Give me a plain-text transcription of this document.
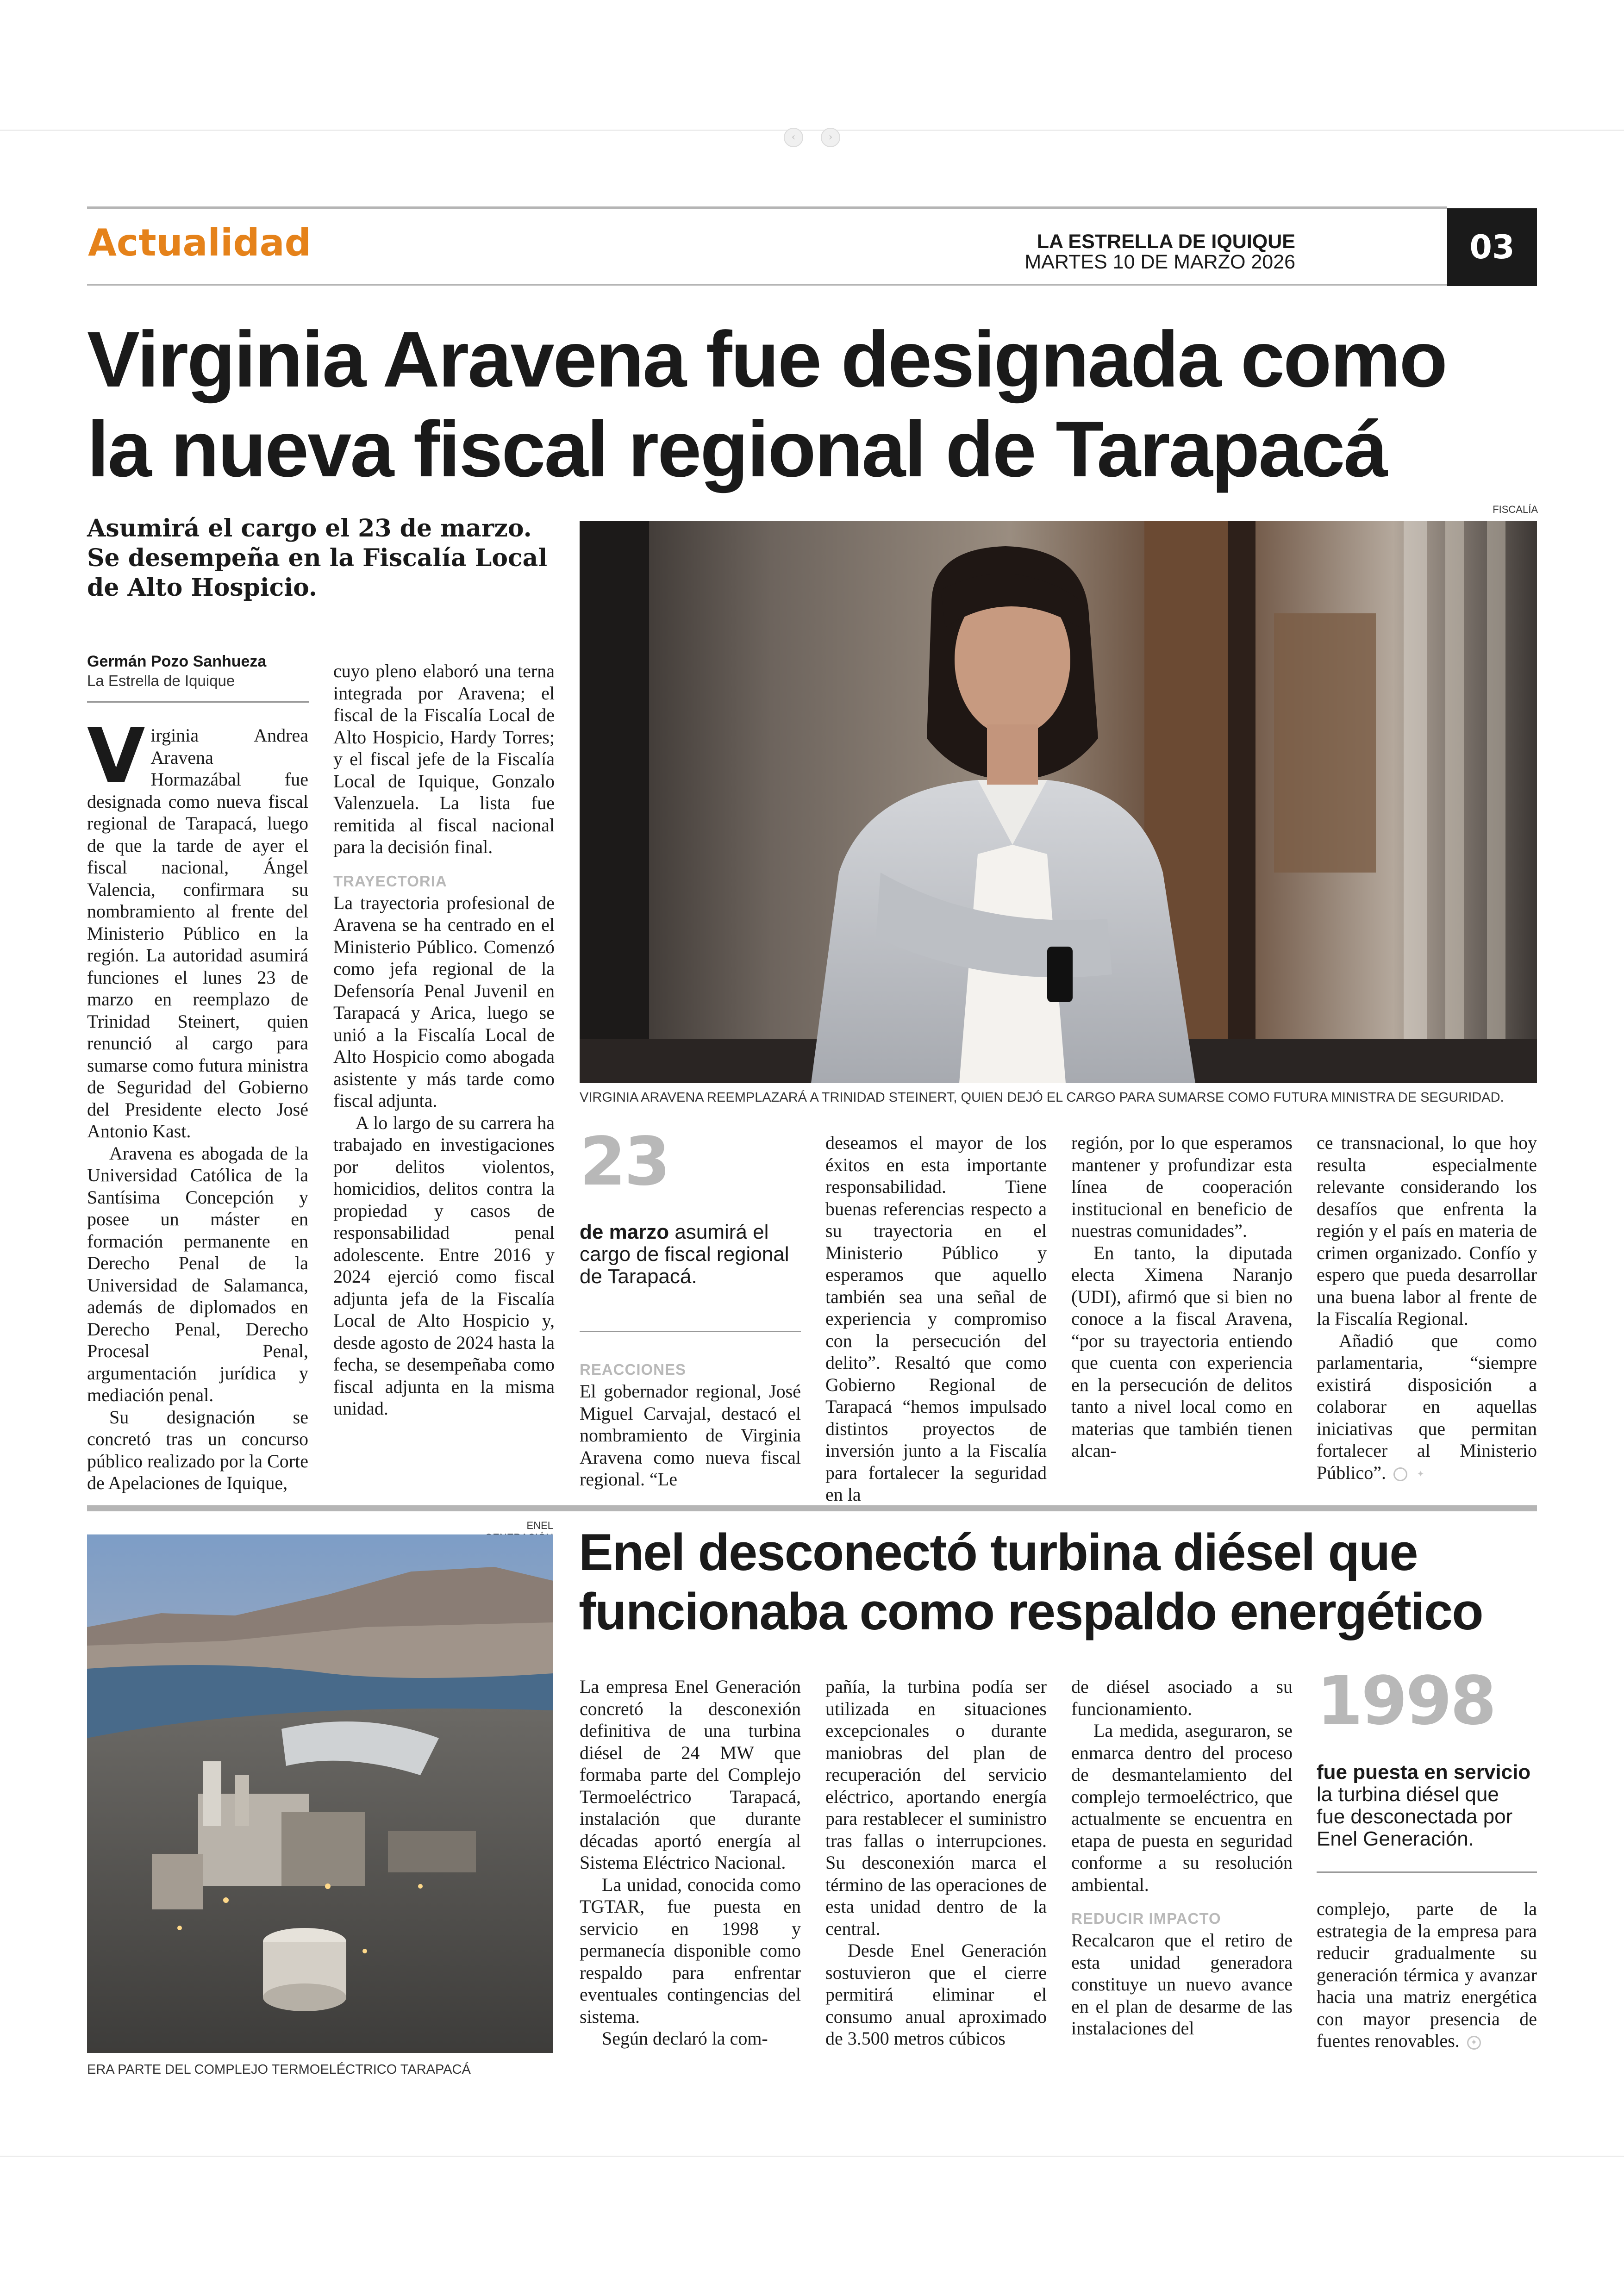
‹	›
Actualidad	LA ESTRELLA DE IQUIQUE
MARTES 10 DE MARZO 2026	03
Virginia Aravena fue designada como
la nueva fiscal regional de Tarapacá
Asumirá el cargo el 23 de marzo.
Se desempeña en la Fiscalía Local
de Alto Hospicio.
Germán Pozo Sanhueza
La Estrella de Iquique
FISCALÍA
VIRGINIA ARAVENA REEMPLAZARÁ A TRINIDAD STEINERT, QUIEN DEJÓ EL CARGO PARA SUMARSE COMO FUTURA MINISTRA DE SEGURIDAD.

Virginia Andrea Aravena Hormazábal fue designada como nueva fiscal regional de Tarapacá, luego de que la tarde de ayer el fiscal nacional, Ángel Valencia, confirmara su nombramiento al frente del Ministerio Público en la región. La autoridad asumirá funciones el lunes 23 de marzo en reemplazo de Trinidad Steinert, quien renunció al cargo para sumarse como futura ministra de Seguridad del Gobierno del Presidente electo José Antonio Kast.

Aravena es abogada de la Universidad Católica de la Santísima Concepción y posee un máster en formación permanente en Derecho Penal de la Universidad de Salamanca, además de diplomados en Derecho Penal, Derecho Procesal Penal, argumentación jurídica y mediación penal.

Su designación se concretó tras un concurso público realizado por la Corte de Apelaciones de Iquique,

cuyo pleno elaboró una terna integrada por Aravena; el fiscal de la Fiscalía Local de Alto Hospicio, Hardy Torres; y el fiscal jefe de la Fiscalía Local de Iquique, Gonzalo Valenzuela. La lista fue remitida al fiscal nacional para la decisión final.

TRAYECTORIA

La trayectoria profesional de Aravena se ha centrado en el Ministerio Público. Comenzó como jefa regional de la Defensoría Penal Juvenil en Tarapacá y Arica, luego se unió a la Fiscalía Local de Alto Hospicio como abogada asistente y más tarde como fiscal adjunta.

A lo largo de su carrera ha trabajado en investigaciones por delitos violentos, homicidios, delitos contra la propiedad y casos de responsabilidad penal adolescente. Entre 2016 y 2024 ejerció como fiscal adjunta jefa de la Fiscalía Local de Alto Hospicio y, desde agosto de 2024 hasta la fecha, se desempeñaba como fiscal adjunta en la misma unidad.

23
de marzo asumirá el
cargo de fiscal regional
de Tarapacá.
REACCIONES

El gobernador regional, José Miguel Carvajal, destacó el nombramiento de Virginia Aravena como nueva fiscal regional. “Le

deseamos el mayor de los éxitos en esta importante responsabilidad. Tiene buenas referencias respecto a su trayectoria en el Ministerio Público y esperamos que aquello también sea una señal de experiencia y compromiso con la persecución del delito”. Resaltó que como Gobierno Regional de Tarapacá “hemos impulsado distintos proyectos de inversión junto a la Fiscalía para fortalecer la seguridad en la

región, por lo que esperamos mantener y profundizar esta línea de cooperación institucional en beneficio de nuestras comunidades”.

En tanto, la diputada electa Ximena Naranjo (UDI), afirmó que si bien no conoce a la fiscal Aravena, “por su trayectoria entiendo que cuenta con experiencia en la persecución de delitos tanto a nivel local como en materias que también tienen alcan-

ce transnacional, lo que hoy resulta especialmente relevante considerando los desafíos que enfrenta la región y el país en materia de crimen organizado. Confío y espero que pueda desarrollar una buena labor al frente de la Fiscalía Regional.

Añadió que como parlamentaria, “siempre existirá disposición a colaborar en aquellas iniciativas que permitan fortalecer al Ministerio Público”.	✦

ENEL
ERA PARTE DEL COMPLEJO TERMOELÉCTRICO TARAPACÁ
Enel desconectó turbina diésel que
funcionaba como respaldo energético

La empresa Enel Generación concretó la desconexión definitiva de una turbina diésel de 24 MW que formaba parte del Complejo Termoeléctrico Tarapacá, instalación que durante décadas aportó energía al Sistema Eléctrico Nacional.

La unidad, conocida como TGTAR, fue puesta en servicio en 1998 y permanecía disponible como respaldo para enfrentar eventuales contingencias del sistema.

Según declaró la com-

pañía, la turbina podía ser utilizada en situaciones excepcionales o durante maniobras del plan de recuperación del servicio eléctrico, aportando energía para restablecer el suministro tras fallas o interrupciones. Su desconexión marca el término de las operaciones de esta unidad dentro de la central.

Desde Enel Generación sostuvieron que el cierre permitirá eliminar el consumo anual aproximado de 3.500 metros cúbicos

de diésel asociado a su funcionamiento.

La medida, aseguraron, se enmarca dentro del proceso de desmantelamiento del complejo termoeléctrico, que actualmente se encuentra en etapa de puesta en seguridad conforme a su resolución ambiental.

REDUCIR IMPACTO

Recalcaron que el retiro de esta unidad generadora constituye un nuevo avance en el plan de desarme de las instalaciones del

1998
fue puesta en servicio
la turbina diésel que
fue desconectada por
Enel Generación.

complejo, parte de la estrategia de la empresa para reducir gradualmente su generación térmica y avanzar hacia una matriz energética con mayor presencia de fuentes renovables. ✦
